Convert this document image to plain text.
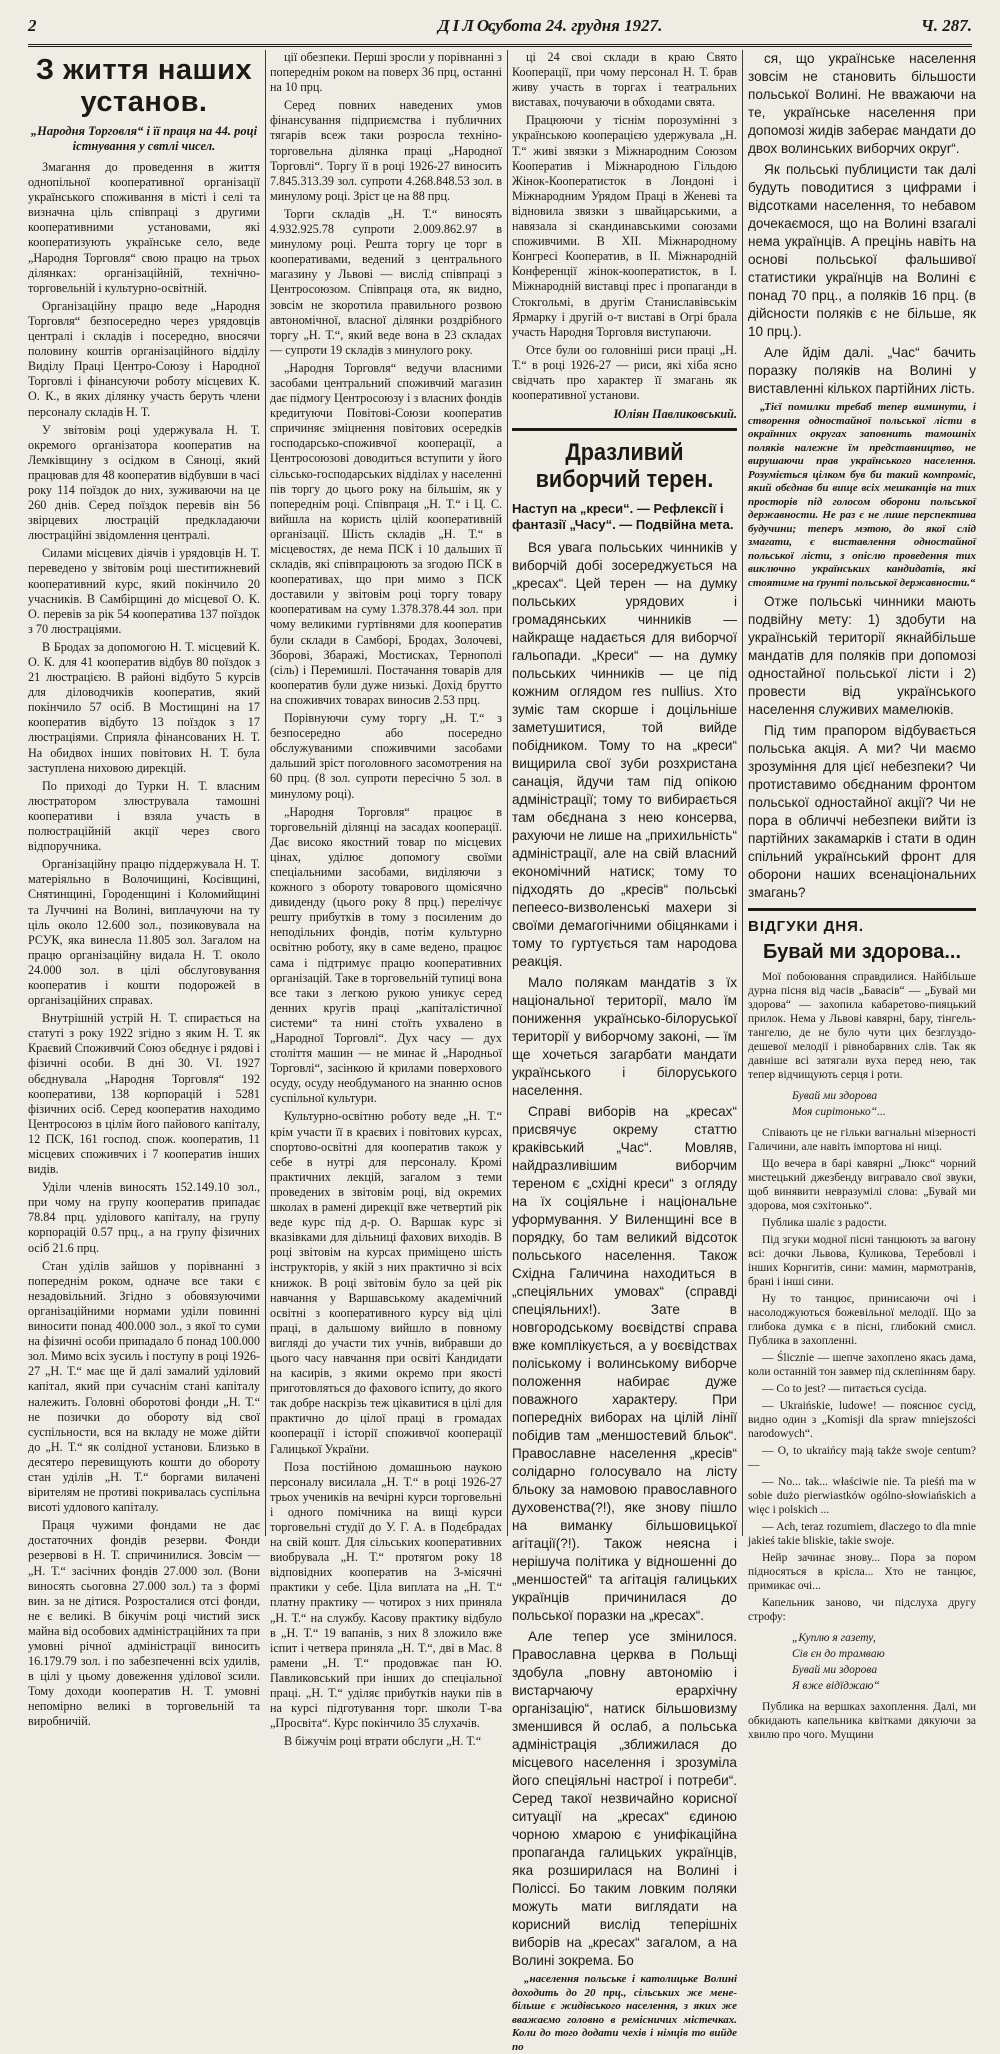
2	ДІЛО,
субота 24. грудня 1927.	Ч. 287.
З життя наших установ.
„Народня Торговля“ і її праця на 44. році істнування у свтлі чисел.

Змагання до проведення в життя однопільної кооперативної організації українського споживання в місті і селі та визначна ціль співпраці з другими кооперативними установами, які кооператизують українське село, веде „Народня Торговля“ свою працю на трьох ділянках: організаційній, технічно-торговельній і культурно-освітній.

Організаційну працю веде „Народня Торговля“ безпосередно через урядовців централі і складів і посередно, вносячи половину коштів організаційного відділу Виділу Праці Центро-Союзу і Народної Торговлі і фінансуючи роботу місцевих К. О. К., в яких ділянку участь беруть члени персоналу складів Н. Т.

У звітовім році удержувала Н. Т. окремого організатора кооператив на Лемківщину з осідком в Сяноці, який працював для 48 кооператив відбувши в часі року 114 поїздок до них, зуживаючи на це 260 днів. Серед поїздок перевів він 56 звірцевих люстрацій предкладаючи люстраційні звідомлення централі.

Силами місцевих діячів і урядовців Н. Т. переведено у звітовім році шеститижневий кооперативний курс, який покінчило 20 учасників. В Самбірщині до місцевої О. К. О. перевів за рік 54 кооператива 137 поїздок з 70 люстраціями.

В Бродах за допомогою Н. Т. місцевий К. О. К. для 41 кооператив відбув 80 поїздок з 21 люстрацією. В районі відбуто 5 курсів для діловодчиків кооператив, який покінчило 57 осіб. В Мостищині на 17 кооператив відбуто 13 поїздок з 17 люстраціями. Сприяла фінансованих Н. Т. На обидвох інших повітових Н. Т. була заступлена ниховою дирекцій.

По приході до Турки Н. Т. власним люстратором злюструвала тамошні кооперативи і взяла участь в полюстраційній акції через свого відпоручника.

Організаційну працю піддержувала Н. Т. матеріяльно в Волочищині, Косівщині, Снятинщині, Городенщині і Коломийщині та Луччині на Волині, виплачуючи на ту ціль около 12.600 зол., позиковувала на РСУК, яка винесла 11.805 зол. Загалом на працю організаційну видала Н. Т. около 24.000 зол. в цілі обслуговування кооператив і кошти подорожей в організаційних справах.

Внутрішній устрій Н. Т. спирається на статуті з року 1922 згідно з яким Н. Т. як Краєвий Споживчий Союз обєднує і рядові і фізичні особи. В дні 30. VI. 1927 обєднувала „Народня Торговля“ 192 кооперативи, 138 корпорацій і 5281 фізичних осіб. Серед кооператив находимо Центросоюз в цілім його пайового капіталу, 12 ПСК, 161 господ. спож. кооператив, 11 місцевих споживчих і 7 кооператив інших видів.

Уділи членів виносять 152.149.10 зол., при чому на групу кооператив припадає 78.84 прц. уділового капіталу, на групу корпорацій 0.57 прц., а на групу фізичних осіб 21.6 прц.

Стан уділів зайшов у порівнанні з попереднім роком, одначе все таки є незадовільний. Згідно з обовязуючими організаційними нормами уділи повинні виносити понад 400.000 зол., з якої то суми на фізичні особи припадало б понад 100.000 зол. Мимо всіх зусиль і поступу в році 1926-27 „Н. Т.“ має ще й далі замалий уділовий капітал, який при сучаснім стані капіталу належить. Головні оборотові фонди „Н. Т.“ не позички до обороту від свої суспільности, вся на вкладу не може дійти до „Н. Т.“ як солідної установи. Близько в десятеро перевищують кошти до обороту стан уділів „Н. Т.“ боргами вилачені вірителям не противі покривалась суспільна висоті удлового капіталу.

Праця чужими фондами не дає достаточних фондів резерви. Фонди резервові в Н. Т. спричинилися. Зовсім — „Н. Т.“ засічних фондів 27.000 зол. (Вони виносять сьоговна 27.000 зол.) та з формі вин. за не дітися. Розросталися отсі фонди, не є великі. В бікучім році чистий зиск майна від особових адміністраційних та при умовні річної адміністрації виносить 16.179.79 зол. і по забезпеченні всіх удилів, в цілі у цьому довеження уділової зсили. Тому доходи кооператив Н. Т. умовні непомірно великі в торговельній та виробничій.

ції обезпеки. Перші зросли у порівнанні з попереднім роком на поверх 36 прц, останні на 10 прц.

Серед повних наведених умов фінансування підприємства і публичних тягарів всеж таки розросла техніно-торговельна ділянка праці „Народної Торговлі“. Торгу її в році 1926-27 виносить 7.845.313.39 зол. супроти 4.268.848.53 зол. в минулому році. Зріст це на 88 прц.

Торги складів „Н. Т.“ виносять 4.932.925.78 супроти 2.009.862.97 в минулому році. Решта торгу це торг в кооперативами, ведений з центрального магазину у Львові — вислід співпраці з Центросоюзом. Співпраця ота, як видно, зовсім не зкоротила правильного розвою автономічної, власної ділянки роздрібного торгу „Н. Т.“, який веде вона в 23 складах — супроти 19 складів з минулого року.

„Народня Торговля“ ведучи власними засобами центральний споживчий магазин дає підмогу Центросоюзу і з власних фондів кредитуючи Повітові-Союзи кооператив спричиняє зміцнення повітових осередків господарсько-споживчої кооперації, а Центросоюзові доводиться вступити у його сільсько-господарських відділах у населенні пів торгу до цього року на більшім, як у попереднім році. Співпраця „Н. Т.“ і Ц. С. вийшла на користь цілій кооперативній організації. Шість складів „Н. Т.“ в місцевостях, де нема ПСК і 10 дальших її складів, які співпрацюють за згодою ПСК в кооперативах, що при мимо з ПСК доставили у звітовім році торгу товару кооперативам на суму 1.378.378.44 зол. при чому великими гуртівнями для кооператив були склади в Самборі, Бродах, Золочеві, Зборові, Збаражі, Мостисках, Тернополі (сіль) і Перемишлі. Постачання товарів для кооператив були дуже низькі. Дохід брутто на споживчих товарах виносив 2.53 прц.

Порівнуючи суму торгу „Н. Т.“ з безпосередно або посередно обслужуваними споживчими засобами дальший зріст поголовного засомотрения на 60 прц. (8 зол. супроти пересічно 5 зол. в минулому році).

„Народня Торговля“ працює в торговельній ділянці на засадах кооперації. Дає високо якостний товар по місцевих цінах, уділює допомогу своїми спеціальними засобами, виділяючи з кожного з обороту товарового щомісячно дивиденду (цього року 8 прц.) перелічує решту прибутків в тому з посиленим до неподільних фондів, потім культурно освітню роботу, яку в саме ведено, працює сама і підтримує працю кооперативних організацій. Таке в торговельній тупиці вона все таки з легкою рукою уникує серед денних кругів праці „капіталістичної системи“ та нині стоїть ухвалено в „Народної Торговлі“. Дух часу — дух століття машин — не минає й „Народньої Торговлі“, засінкою й крилами поверхового осуду, осуду необдуманого на знанню основ суспільної культури.

Культурно-освітню роботу веде „Н. Т.“ крім участи її в краєвих і повітових курсах, спортово-освітні для кооператив також у себе в нутрі для персоналу. Кромі практичних лекцій, загалом з теми проведених в звітовім році, від окремих школах в рамені дирекції вже четвертий рік веде курс під д-р. О. Варшак курс зі вказівками для дільниці фахових виходів. В році звітовім на курсах приміщено шість інструкторів, у якій з них практично зі всіх книжок. В році звітовім було за цей рік навчання у Варшавському академічний освітні з кооперативного курсу від цілі праці, в дальшому вийшло в повному вигляді до участи тих учнів, вибравши до цього часу навчання при освіті Кандидати на касирів, з якими окремо при якості приготовляться до фахового іспиту, до якого так добре наскрізь теж цікавитися в цілі для практично до цілої праці в громадах кооперації і історії споживчої кооперації Галицької України.

Поза постійною домашньою наукою персоналу висилала „Н. Т.“ в році 1926-27 трьох учеників на вечірні курси торговельні і одного помічника на вищі курси торговельні студії до У. Г. А. в Подєбрадах на свій кошт. Для сільських кооперативних виобрувала „Н. Т.“ протягом року 18 відповідних кооператив на 3-місячні практики у себе. Ціла виплата на „Н. Т.“ платну практику — чотирох з них приняла „Н. Т.“ на службу. Касову практику відбуло в „Н. Т.“ 19 вапанів, з них 8 зложило вже іспит і четвера приняла „Н. Т.“, дві в Мас. 8 рамени „Н. Т.“ продовжає пан Ю. Павликовський при інших до спеціальної праці. „Н. Т.“ уділяє прибутків науки пів в на курсі підготування торг. школи Т-ва „Просвіта“. Курс покінчило 35 слухачів.

В біжучім році втрати обслуги „Н. Т.“

ці 24 своі склади в краю Свято Кооперації, при чому персонал Н. Т. брав живу участь в торгах і театральних виставах, почуваючи в обходами свята.

Працюючи у тіснім порозумінні з українською кооперацією удержувала „Н. Т.“ живі звязки з Міжнародним Союзом Кооператив і Міжнародною Гільдою Жінок-Кооператисток в Лондоні і Міжнародним Урядом Праці в Женеві та відновила звязки з швайцарськими, а навязала зі скандинавськими союзами споживчими. В XII. Міжнародному Конгресі Кооператив, в II. Міжнародній Конференції жінок-кооператисток, в I. Міжнародній виставці прес і пропаганди в Стокгольмі, в другім Станиславівськім Ярмарку і другій о-т виставі в Огрі брала участь Народня Торговля виступаючи.

Отсе були оо головніші риси праці „Н. Т.“ в році 1926-27 — риси, які хіба ясно свідчать про характер її змагань як кооперативної установи.

Юліян Павликовський.
Дразливий виборчий терен.
Наступ на „креси“. — Рефлексії і фантазії „Часу“. — Подвійна мета.

Вся увага польських чинників у виборчій добі зосереджується на „кресах“. Цей терен — на думку польських урядових і громадянських чинників — найкраще надається для виборчої гальопади. „Креси“ — на думку польських чинників — це під кожним оглядом res nullius. Хто зуміє там скорше і доцільніше заметушитися, той вийде побідником. Тому то на „креси“ вищирила свої зуби розхристана санація, йдучи там під опікою адміністрації; тому то вибирається там обєднана з нею консерва, рахуючи не лише на „прихильність“ адміністрації, але на свій власний економічний натиск; тому то підходять до „кресів“ польські пепеесо-визволенські махери зі своїми демагогічними обіцянками і тому то гуртується там народова реакція.

Мало полякам мандатів з їх національної території, мало їм пониження українсько-білоруської території у виборчому законі, — їм ще хочеться загарбати мандати українського і білоруського населення.

Справі виборів на „кресах“ присвячує окрему статтю краківський „Час“. Мовляв, найдразливішим виборчим тереном є „східні креси“ з огляду на їх соціяльне і національне уформування. У Виленщині все в порядку, бо там великий відсоток польського населення. Також Східна Галичина находиться в „спеціяльних умовах“ (справді спеціяльних!). Зате в новгородському воєвідстві справа вже комплікується, а у воєвідствах поліському і волинському виборче положення набирає дуже поважного характеру. При попередніх виборах на цілій лінії побідив там „меншостевий бльок“. Православне населення „кресів“ солідарно голосувало на лісту бльоку за намовою православного духовенства(?!), яке знову пішло на виманку більшовицької агітації(?!). Також неясна і нерішуча політика у відношенні до „меншостей“ та агітація галицьких українців причинилася до польської поразки на „кресах“.

Але тепер усе змінилося. Православна церква в Польщі здобула „повну автономію і вистарчаючу ерархічну організацію“, натиск більшовизму зменшився й ослаб, а польська адміністрація „зближилася до місцевого населення і зрозуміла його спеціяльні настрої і потреби“. Серед такої незвичайно корисної ситуації на „кресах“ єдиною чорною хмарою є унифікаційна пропаганда галицьких українців, яка розширилася на Волині і Поліссі. Бо таким ловким поляки можуть мати виглядати на корисний вислід теперішніх виборів на „кресах“ загалом, а на Волині зокрема. Бо

„населення польське і католицьке Волині доходить до 20 прц., сільських же мене-більше є жидівського населення, з яких же вважаємо головно в ремісничих містечках. Коли до того додати чехів і німців то вийде по

ся, що українське населення зовсім не становить більшости польської Волині. Не вважаючи на те, українське населення при допомозі жидів заберає мандати до двох волинських виборчих окруr“.

Як польські публицисти так далі будуть поводитися з цифрами і відсотками населення, то небавом дочекаємося, що на Волині взагалі нема українців. А прецінь навіть на основі польської фальшивої статистики українців на Волині є понад 70 прц., а поляків 16 прц. (в дійсности поляків є не більше, як 10 прц.).

Але йдім далі. „Час“ бачить поразку поляків на Волині у виставленні кількох партійних лість.

„Тієї помилки требаб тепер виминути, і створення одностайної польської лісти в окраїнних округах заповнить тамошніх поляків належне їм представництво, не вирушаючи прав українського населення. Розуміється цілком був би такий компроміс, який обєднав би вище всіх мешканців на тих просторів під голосом оборони польської державности. Не раз є не лише перспектива будучини; теперъ мэтою, до якої слід змагати, є виставлення одностайної польської лісти, з опіслю проведення тих виключно українських кандидатів, які стоятиме на ґрунті польської державности.“

Отже польські чинники мають подвійну мету: 1) здобути на українській території якнайбільше мандатів для поляків при допомозі одностайної польської лісти і 2) провести від українського населення служивих мамелюків.

Під тим прапором відбувається польська акція. А ми? Чи маємо зрозуміння для цієї небезпеки? Чи протиставимо обєднаним фронтом польської одностайної акції? Чи не пора в обличчі небезпеки вийти із партійних закамарків і стати в один спільний український фронт для оборони наших всенаціональних змагань?

ВІДГУКИ ДНЯ.
Бувай ми здорова...

Мої побоювання справдилися. Найбільше дурна пісня від часів „Бавасів“ — „Бувай ми здорова“ — захопила кабаретово-пияцький прилок. Нема у Львові кавярні, бару, тінгель-тангелю, де не було чути цих безглуздо-дешевої мелодії і рівнобарвних слів. Так як давніше всі затягали вуха перед нею, так тепер відчищують серця і роти.

Бувай ми здорова
Моя сирітонько“...

Співають це не гільки вагнальні мізерності Галичини, але навіть імпортова ні ниці.

Що вечера в барі кавярні „Люкс“ чорний мистецький джезбенду вигравало свої звуки, щоб винявити невразумілі слова: „Бувай ми здорова, моя сэхітонько“.

Публика шаліє з радости.

Під згуки модної пісні танцюють за вагону всі: дочки Львова, Куликова, Теребовлі і інших Корнгитів, сини: мамин, мармотранів, брані і інші сини.

Ну то танцює, принисаючи очі і насолоджуються божевільної мелодії. Що за глибока думка є в пісні, ґлибокий смисл. Публика в захопленні.

— Ślicznie — шепче захоплено якась дама, коли останній тон завмер під склепінням бару.

— Co to jest? — питається сусіда.

— Ukraińskie, ludowe! — пояснює сусід, видно один з „Komisji dla spraw mniejszości narodowych“.

— O, to ukraińcy mają także swoje centum? —

— No... tak... właściwie nie. Ta pieśń ma w sobie dużo pierwiastków ogólno-słowiańskich a więc i polskich ...

— Ach, teraz rozumiem, dlaczego to dla mnie jakieś takie bliskie, takie swoje.

Нейр зачинає знову... Пора за пором підносяться в крісла... Хто не танцює, примикає очі...

Капельник заново, чи підслуха другу строфу:

„Куплю я газету,
Сів єн до трамваю
Бувай ми здорова
Я вже відїджаю“

Публика на вершках захоплення. Далі, ми обкидають капельника квітками дякуючи за хвилю про чого. Мущини
